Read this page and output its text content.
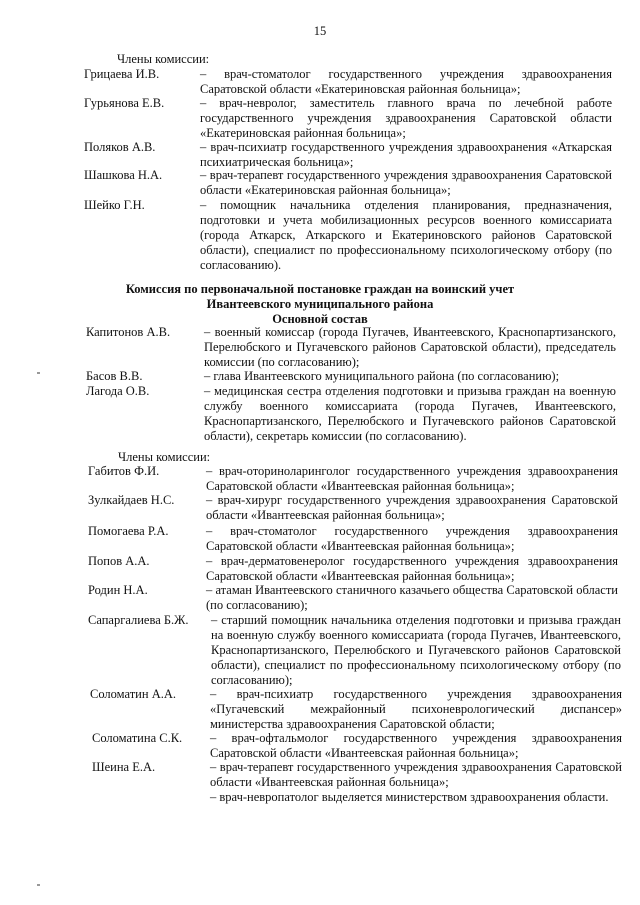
15
Члены комиссии:
Грицаева И.В.	– врач-стоматолог государственного учреждения здравоохранения Саратовской области «Екатериновская районная больница»;
Гурьянова Е.В.	– врач-невролог, заместитель главного врача по лечебной работе государственного учреждения здравоохранения Саратовской области «Екатериновская районная больница»;
Поляков А.В.	– врач-психиатр государственного учреждения здравоохранения «Аткарская психиатрическая больница»;
Шашкова Н.А.	– врач-терапевт государственного учреждения здравоохранения Саратовской области «Екатериновская районная больница»;
Шейко Г.Н.	– помощник начальника отделения планирования, предназначения, подготовки и учета мобилизационных ресурсов военного комиссариата (города Аткарск, Аткарского и Екатериновского районов Саратовской области), специалист по профессиональному психологическому отбору (по согласованию).
Комиссия по первоначальной постановке граждан на воинский учет
Ивантеевского муниципального района
Основной состав
Капитонов А.В.	– военный комиссар (города Пугачев, Ивантеевского, Краснопартизанского, Перелюбского и Пугачевского районов Саратовской области), председатель комиссии (по согласованию);
Басов В.В.	– глава Ивантеевского муниципального района (по согласованию);
Лагода О.В.	– медицинская сестра отделения подготовки и призыва граждан на военную службу военного комиссариата (города Пугачев, Ивантеевского, Краснопартизанского, Перелюбского и Пугачевского районов Саратовской области), секретарь комиссии (по согласованию).
Члены комиссии:
Габитов Ф.И.	– врач-оториноларинголог государственного учреждения здравоохранения Саратовской области «Ивантеевская районная больница»;
Зулкайдаев Н.С.	– врач-хирург государственного учреждения здравоохранения Саратовской области «Ивантеевская районная больница»;
Помогаева Р.А.	– врач-стоматолог государственного учреждения здравоохранения Саратовской области «Ивантеевская районная больница»;
Попов А.А.	– врач-дерматовенеролог государственного учреждения здравоохранения Саратовской области «Ивантеевская районная больница»;
Родин Н.А.	– атаман Ивантеевского станичного казачьего общества Саратовской области (по согласованию);
Сапаргалиева Б.Ж.	– старший помощник начальника отделения подготовки и призыва граждан на военную службу военного комиссариата (города Пугачев, Ивантеевского, Краснопартизанского, Перелюбского и Пугачевского районов Саратовской области), специалист по профессиональному психологическому отбору (по согласованию);
Соломатин А.А.	– врач-психиатр государственного учреждения здравоохранения «Пугачевский межрайонный психоневрологический диспансер» министерства здравоохранения Саратовской области;
Соломатина С.К.	– врач-офтальмолог государственного учреждения здравоохранения Саратовской области «Ивантеевская районная больница»;
Шеина Е.А.	– врач-терапевт государственного учреждения здравоохранения Саратовской области «Ивантеевская районная больница»;
– врач-невропатолог выделяется министерством здравоохранения области.
